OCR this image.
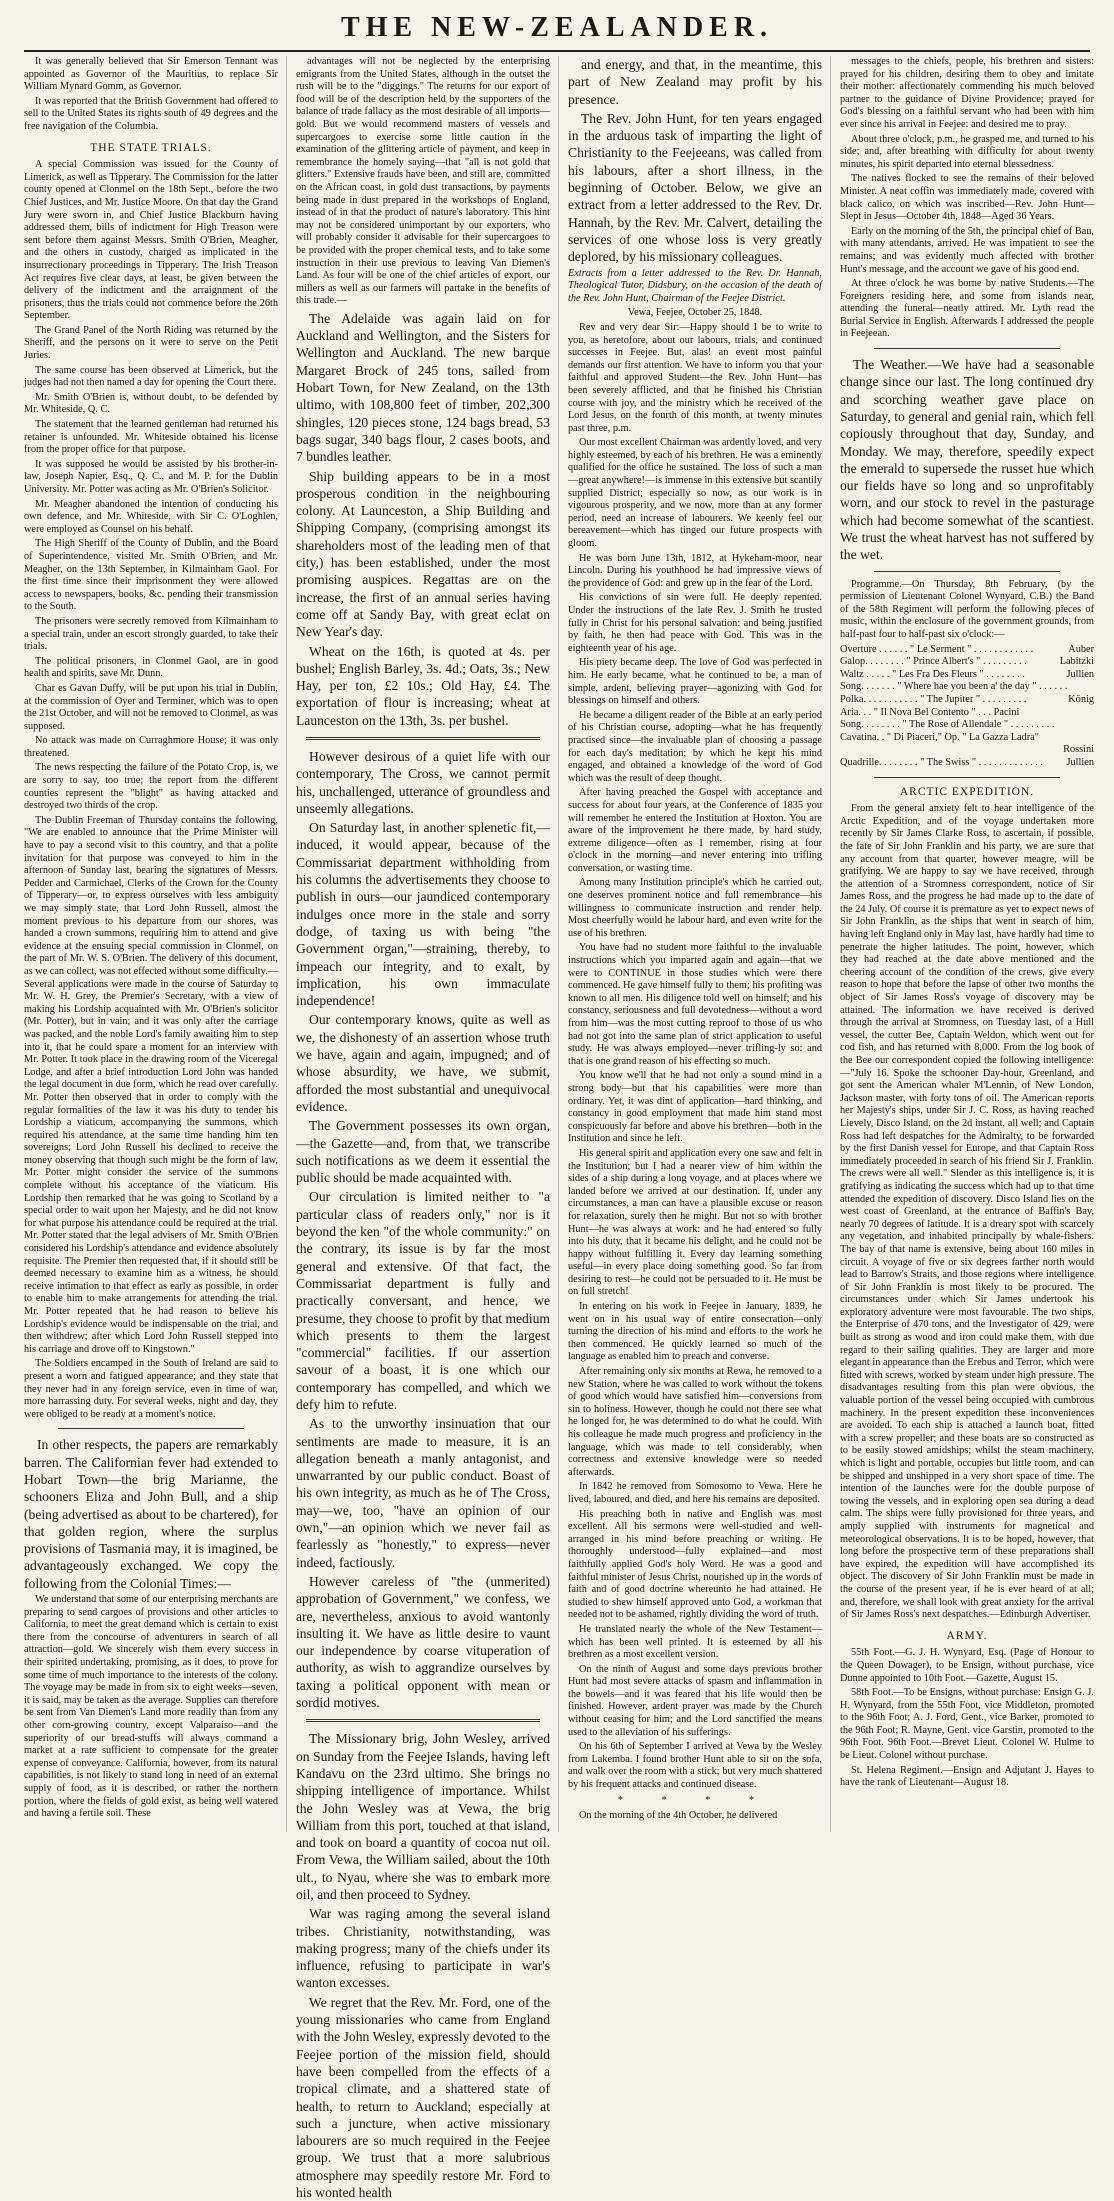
THE NEW-ZEALANDER.

It was generally believed that Sir Emerson Tennant was appointed as Governor of the Mauritius, to replace Sir William Mynard Gomm, as Governor.

It was reported that the British Government had offered to sell to the United States its rights south of 49 degrees and the free navigation of the Columbia.

THE STATE TRIALS.

A special Commission was issued for the County of Limerick, as well as Tipperary. The Commission for the latter county opened at Clonmel on the 18th Sept., before the two Chief Justices, and Mr. Justice Moore. On that day the Grand Jury were sworn in, and Chief Justice Blackburn having addressed them, bills of indictment for High Treason were sent before them against Messrs. Smith O'Brien, Meagher, and the others in custody, charged as implicated in the insurrectionary proceedings in Tipperary. The Irish Treason Act requires five clear days, at least, be given between the delivery of the indictment and the arraignment of the prisoners, thus the trials could not commence before the 26th September.

The Grand Panel of the North Riding was returned by the Sheriff, and the persons on it were to serve on the Petit Juries.

The same course has been observed at Limerick, but the judges had not then named a day for opening the Court there.

Mr. Smith O'Brien is, without doubt, to be defended by Mr. Whiteside, Q. C.

The statement that the learned gentleman had returned his retainer is unfounded. Mr. Whiteside obtained his license from the proper office for that purpose.

It was supposed he would be assisted by his brother-in-law, Joseph Napier, Esq., Q. C., and M. P. for the Dublin University. Mr. Potter was acting as Mr. O'Brien's Solicitor.

Mr. Meagher abandoned the intention of conducting his own defence, and Mr. Whiteside, with Sir C. O'Loghlen, were employed as Counsel on his behalf.

The High Sheriff of the County of Dublin, and the Board of Superintendence, visited Mr. Smith O'Brien, and Mr. Meagher, on the 13th September, in Kilmainham Gaol. For the first time since their imprisonment they were allowed access to newspapers, books, &c. pending their transmission to the South.

The prisoners were secretly removed from Kilmainham to a special train, under an escort strongly guarded, to take their trials.

The political prisoners, in Clonmel Gaol, are in good health and spirits, save Mr. Dunn.

Char es Gavan Duffy, will be put upon his trial in Dublin, at the commission of Oyer and Terminer, which was to open the 21st October, and will not be removed to Clonmel, as was supposed.

No attack was made on Curraghmore House; it was only threatened.

The news respecting the failure of the Potato Crop, is, we are sorry to say, too true; the report from the different counties represent the "blight" as having attacked and destroyed two thirds of the crop.

The Dublin Freeman of Thursday contains the following, "We are enabled to announce that the Prime Minister will have to pay a second visit to this country, and that a polite invitation for that purpose was conveyed to him in the afternoon of Sunday last, bearing the signatures of Messrs. Pedder and Carmichael, Clerks of the Crown for the County of Tipperary—or, to express ourselves with less ambiguity we may simply state, that Lord John Russell, almost the moment previous to his departure from our shores, was handed a crown summons, requiring him to attend and give evidence at the ensuing special commission in Clonmel, on the part of Mr. W. S. O'Brien. The delivery of this document, as we can collect, was not effected without some difficulty.—Several applications were made in the course of Saturday to Mr. W. H. Grey, the Premier's Secretary, with a view of making his Lordship acquainted with Mr. O'Brien's solicitor (Mr. Potter), but in vain; and it was only after the carriage was packed, and the noble Lord's family awaiting him to step into it, that he could spare a moment for an interview with Mr. Potter. It took place in the drawing room of the Viceregal Lodge, and after a brief introduction Lord John was handed the legal document in due form, which he read over carefully. Mr. Potter then observed that in order to comply with the regular formalities of the law it was his duty to tender his Lordship a viaticum, accompanying the summons, which required his attendance, at the same time handing him ten sovereigns; Lord John Russell his declined to receive the money observing that though such might be the form of law, Mr. Potter might consider the service of the summons complete without his acceptance of the viaticum. His Lordship then remarked that he was going to Scotland by a special order to wait upon her Majesty, and he did not know for what purpose his attendance could be required at the trial. Mr. Potter stated that the legal advisers of Mr. Smith O'Brien considered his Lordship's attendance and evidence absolutely requisite. The Premier then requested that, if it should still be deemed necessary to examine him as a witness, he should receive intimation to that effect as early as possible, in order to enable him to make arrangements for attending the trial. Mr. Potter repeated that he had reason to believe his Lordship's evidence would be indispensable on the trial, and then withdrew; after which Lord John Russell stepped into his carriage and drove off to Kingstown."

The Soldiers encamped in the South of Ireland are said to present a worn and fatigued appearance; and they state that they never had in any foreign service, even in time of war, more harrassing duty. For several weeks, night and day, they were obliged to be ready at a moment's notice.

In other respects, the papers are remarkably barren. The Californian fever had extended to Hobart Town—the brig Marianne, the schooners Eliza and John Bull, and a ship (being advertised as about to be chartered), for that golden region, where the surplus provisions of Tasmania may, it is imagined, be advantageously exchanged. We copy the following from the Colonial Times:—

We understand that some of our enterprising merchants are preparing to send cargoes of provisions and other articles to California, to meet the great demand which is certain to exist there from the concourse of adventurers in search of all attraction—gold. We sincerely wish them every success in their spirited undertaking, promising, as it does, to prove for some time of much importance to the interests of the colony. The voyage may be made in from six to eight weeks—seven, it is said, may be taken as the average. Supplies can therefore be sent from Van Diemen's Land more readily than from any other corn-growing country, except Valparaiso—and the superiority of our bread-stuffs will always command a market at a rate sufficient to compensate for the greater expense of conveyance. California, however, from its natural capabilities, is not likely to stand long in need of an external supply of food, as it is described, or rather the northern portion, where the fields of gold exist, as being well watered and having a fertile soil. These

advantages will not be neglected by the enterprising emigrants from the United States, although in the outset the rush will be to the "diggings." The returns for our export of food will be of the description held by the supporters of the balance of trade fallacy as the most desirable of all imports—gold. But we would recommend masters of vessels and supercargoes to exercise some little caution in the examination of the glittering article of payment, and keep in remembrance the homely saying—that "all is not gold that glitters." Extensive frauds have been, and still are, committed on the African coast, in gold dust transactions, by payments being made in dust prepared in the workshops of England, instead of in that the product of nature's laboratory. This hint may not be considered unimportant by our exporters, who will probably consider it advisable for their supercargoes to be provided with the proper chemical tests, and to take some instruction in their use previous to leaving Van Diemen's Land. As four will be one of the chief articles of export, our millers as well as our farmers will partake in the benefits of this trade.—

The Adelaide was again laid on for Auckland and Wellington, and the Sisters for Wellington and Auckland. The new barque Margaret Brock of 245 tons, sailed from Hobart Town, for New Zealand, on the 13th ultimo, with 108,800 feet of timber, 202,300 shingles, 120 pieces stone, 124 bags bread, 53 bags sugar, 340 bags flour, 2 cases boots, and 7 bundles leather.

Ship building appears to be in a most prosperous condition in the neighbouring colony. At Launceston, a Ship Building and Shipping Company, (comprising amongst its shareholders most of the leading men of that city,) has been established, under the most promising auspices. Regattas are on the increase, the first of an annual series having come off at Sandy Bay, with great eclat on New Year's day.

Wheat on the 16th, is quoted at 4s. per bushel; English Barley, 3s. 4d.; Oats, 3s.; New Hay, per ton, £2 10s.; Old Hay, £4. The exportation of flour is increasing; wheat at Launceston on the 13th, 3s. per bushel.

However desirous of a quiet life with our contemporary, The Cross, we cannot permit his, unchallenged, utterance of groundless and unseemly allegations.

On Saturday last, in another splenetic fit,—induced, it would appear, because of the Commissariat department withholding from his columns the advertisements they choose to publish in ours—our jaundiced contemporary indulges once more in the stale and sorry dodge, of taxing us with being "the Government organ,"—straining, thereby, to impeach our integrity, and to exalt, by implication, his own immaculate independence!

Our contemporary knows, quite as well as we, the dishonesty of an assertion whose truth we have, again and again, impugned; and of whose absurdity, we have, we submit, afforded the most substantial and unequivocal evidence.

The Government possesses its own organ,—the Gazette—and, from that, we transcribe such notifications as we deem it essential the public should be made acquainted with.

Our circulation is limited neither to "a particular class of readers only," nor is it beyond the ken "of the whole community:" on the contrary, its issue is by far the most general and extensive. Of that fact, the Commissariat department is fully and practically conversant, and hence, we presume, they choose to profit by that medium which presents to them the largest "commercial" facilities. If our assertion savour of a boast, it is one which our contemporary has compelled, and which we defy him to refute.

As to the unworthy insinuation that our sentiments are made to measure, it is an allegation beneath a manly antagonist, and unwarranted by our public conduct. Boast of his own integrity, as much as he of The Cross, may—we, too, "have an opinion of our own,"—an opinion which we never fail as fearlessly as "honestly," to express—never indeed, factiously.

However careless of "the (unmerited) approbation of Government," we confess, we are, nevertheless, anxious to avoid wantonly insulting it. We have as little desire to vaunt our independence by coarse vituperation of authority, as wish to aggrandize ourselves by taxing a political opponent with mean or sordid motives.

The Missionary brig, John Wesley, arrived on Sunday from the Feejee Islands, having left Kandavu on the 23rd ultimo. She brings no shipping intelligence of importance. Whilst the John Wesley was at Vewa, the brig William from this port, touched at that island, and took on board a quantity of cocoa nut oil. From Vewa, the William sailed, about the 10th ult., to Nyau, where she was to embark more oil, and then proceed to Sydney.

War was raging among the several island tribes. Christianity, notwithstanding, was making progress; many of the chiefs under its influence, refusing to participate in war's wanton excesses.

We regret that the Rev. Mr. Ford, one of the young missionaries who came from England with the John Wesley, expressly devoted to the Feejee portion of the mission field, should have been compelled from the effects of a tropical climate, and a shattered state of health, to return to Auckland; especially at such a juncture, when active missionary labourers are so much required in the Feejee group. We trust that a more salubrious atmosphere may speedily restore Mr. Ford to his wonted health

and energy, and that, in the meantime, this part of New Zealand may profit by his presence.

The Rev. John Hunt, for ten years engaged in the arduous task of imparting the light of Christianity to the Feejeeans, was called from his labours, after a short illness, in the beginning of October. Below, we give an extract from a letter addressed to the Rev. Dr. Hannah, by the Rev. Mr. Calvert, detailing the services of one whose loss is very greatly deplored, by his missionary colleagues.

Extracts from a letter addressed to the Rev. Dr. Hannah, Theological Tutor, Didsbury, on the occasion of the death of the Rev. John Hunt, Chairman of the Feejee District.

Vewa, Feejee, October 25, 1848.

Rev and very dear Sir:—Happy should I be to write to you, as heretofore, about our labours, trials, and continued successes in Feejee. But, alas! an event most painful demands our first attention. We have to inform you that your faithful and approved Student—the Rev. John Hunt—has been severely afflicted, and that he finished his Christian course with joy, and the ministry which he received of the Lord Jesus, on the fourth of this month, at twenty minutes past three, p.m.

Our most excellent Chairman was ardently loved, and very highly esteemed, by each of his brethren. He was a eminently qualified for the office he sustained. The loss of such a man—great anywhere!—is immense in this extensive but scantily supplied District; especially so now, as our work is in vigourous prosperity, and we now, more than at any former period, need an increase of labourers. We keenly feel our bereavement—which has tinged our future prospects with gloom.

He was born June 13th, 1812, at Hykeham-moor, near Lincoln. During his youthhood he had impressive views of the providence of God: and grew up in the fear of the Lord.

His convictions of sin were full. He deeply repented. Under the instructions of the late Rev. J. Smith he trusted fully in Christ for his personal salvation: and being justified by faith, he then had peace with God. This was in the eighteenth year of his age.

His piety became deep. The love of God was perfected in him. He early became, what he continued to be, a man of simple, ardent, believing prayer—agonizing with God for blessings on himself and others.

He became a diligent reader of the Bible at an early period of his Christian course, adopting—what he has frequently practised since—the invaluable plan of choosing a passage for each day's meditation; by which he kept his mind engaged, and obtained a knowledge of the word of God which was the result of deep thought.

After having preached the Gospel with acceptance and success for about four years, at the Conference of 1835 you will remember he entered the Institution at Hoxton. You are aware of the improvement he there made, by hard study, extreme diligence—often as I remember, rising at four o'clock in the morning—and never entering into trifling conversation, or wasting time.

Among many Institution principle's which he carried out, one deserves prominent notice and full remembrance—his willingness to communicate instruction and render help. Most cheerfully would he labour hard, and even write for the use of his brethren.

You have had no student more faithful to the invaluable instructions which you imparted again and again—that we were to CONTINUE in those studies which were there commenced. He gave himself fully to them; his profiting was known to all men. His diligence told well on himself; and his constancy, seriousness and full devotedness—without a word from him—was the most cutting reproof to those of us who had not got into the same plan of strict application to useful study. He was always employed—never trifling-ly so: and that is one grand reason of his effecting so much.

You know we'll that he had not only a sound mind in a strong body—but that his capabilities were more than ordinary. Yet, it was dint of application—hard thinking, and constancy in good employment that made him stand most conspicuously far before and above his brethren—both in the Institution and since he left.

His general spirit and application every one saw and felt in the Institution; but I had a nearer view of him within the sides of a ship during a long voyage, and at places where we landed before we arrived at our destination. If, under any circumstances, a man can have a plausible excuse or reason for relaxation, surely then he might. But not so with brother Hunt—he was always at work: and he had entered so fully into his duty, that it became his delight, and he could not be happy without fulfilling it. Every day learning something useful—in every place doing something good. So far from desiring to rest—he could not be persuaded to it. He must be on full stretch!

In entering on his work in Feejee in January, 1839, he went on in his usual way of entire consecration—only turning the direction of his mind and efforts to the work he then commenced. He quickly learned so much of the language as enabled him to preach and converse.

After remaining only six months at Rewa, he removed to a new Station, where he was called to work without the tokens of good which would have satisfied him—conversions from sin to holiness. However, though he could not there see what he longed for, he was determined to do what he could. With his colleague he made much progress and proficiency in the language, which was made to tell considerably, when correctness and extensive knowledge were so needed afterwards.

In 1842 he removed from Somosomo to Vewa. Here he lived, laboured, and died, and here his remains are deposited.

His preaching both in native and English was most excellent. All his sermons were well-studied and well-arranged in his mind before preaching or writing. He thoroughly understood—fully explained—and most faithfully applied God's holy Word. He was a good and faithful minister of Jesus Christ, nourished up in the words of faith and of good doctrine whereunto he had attained. He studied to shew himself approved unto God, a workman that needed not to be ashamed, rightly dividing the word of truth.

He translated nearly the whole of the New Testament—which has been well printed. It is esteemed by all his brethren as a most excellent version.

On the ninth of August and some days previous brother Hunt had most severe attacks of spasm and inflammation in the bowels—and it was feared that his life would then be finished. However, ardent prayer was made by the Church without ceasing for him; and the Lord sanctified the means used to the alleviation of his sufferings.

On his 6th of September I arrived at Vewa by the Wesley from Lakemba. I found brother Hunt able to sit on the sofa, and walk over the room with a stick; but very much shattered by his frequent attacks and continued disease.

* * * *

On the morning of the 4th October, he delivered

messages to the chiefs, people, his brethren and sisters: prayed for his children, desiring them to obey and imitate their mother: affectionately commending his much beloved partner to the guidance of Divine Providence; prayed for God's blessing on a faithful servant who had been with him ever since his arrival in Feejee: and desired me to pray.

About three o'clock, p.m., he grasped me, and turned to his side; and, after breathing with difficulty for about twenty minutes, his spirit departed into eternal blessedness.

The natives flocked to see the remains of their beloved Minister. A neat coffin was immediately made, covered with black calico, on which was inscribed—Rev. John Hunt—Slept in Jesus—October 4th, 1848—Aged 36 Years.

Early on the morning of the 5th, the principal chief of Bau, with many attendants, arrived. He was impatient to see the remains; and was evidently much affected with brother Hunt's message, and the account we gave of his good end.

At three o'clock he was borne by native Students.—The Foreigners residing here, and some from islands near, attending the funeral—neatly attired. Mr. Lyth read the Burial Service in English. Afterwards I addressed the people in Feejeean.

The Weather.—We have had a seasonable change since our last. The long continued dry and scorching weather gave place on Saturday, to general and genial rain, which fell copiously throughout that day, Sunday, and Monday. We may, therefore, speedily expect the emerald to supersede the russet hue which our fields have so long and so unprofitably worn, and our stock to revel in the pasturage which had become somewhat of the scantiest. We trust the wheat harvest has not suffered by the wet.

Programme.—On Thursday, 8th February, (by the permission of Lieutenant Colonel Wynyard, C.B.) the Band of the 58th Regiment will perform the following pieces of music, within the enclosure of the government grounds, from half-past four to half-past six o'clock:—

Overture . . . . . . " Le Serment " . . . . . . . . . . . .	Auber
Galop. . . . . . . . " Prince Albert's " . . . . . . . . .	Labitzki
Waltz . . . . . " Les Fra Des Fleurs " . . . . . . . .	Jullien
Song. . . . . . . " Where hae you been a' the day " . . . . . .
Polka. . . . . . . . . . . " The Jupiter " . . . . . . . . .	König
Aria. . . " Il Nova Bel Contento " . . . Pacini
Song. . . . . . . . " The Rose of Allendale " . . . . . . . . .
Cavatina. . " Di Piaceri," Op. " La Gazza Ladra"
Rossini
Quadrille. . . . . . . . " The Swiss " . . . . . . . . . . . . .	Jullien
ARCTIC EXPEDITION.

From the general anxiety felt to hear intelligence of the Arctic Expedition, and of the voyage undertaken more recently by Sir James Clarke Ross, to ascertain, if possible, the fate of Sir John Franklin and his party, we are sure that any account from that quarter, however meagre, will be gratifying. We are happy to say we have received, through the attention of a Stromness correspondent, notice of Sir James Ross, and the progress he had made up to the date of the 24 July. Of course it is premature as yet to expect news of Sir John Franklin, as the ships that went in search of him, having left England only in May last, have hardly had time to penetrate the higher latitudes. The point, however, which they had reached at the date above mentioned and the cheering account of the condition of the crews, give every reason to hope that before the lapse of other two months the object of Sir James Ross's voyage of discovery may be attained. The information we have received is derived through the arrival at Stromness, on Tuesday last, of a Hull vessel, the cutter Bee, Captain Weldon, which went out for cod fish, and has returned with 8,000. From the log book of the Bee our correspondent copied the following intelligence:—"July 16. Spoke the schooner Day-hour, Greenland, and got sent the American whaler M'Lennin, of New London, Jackson master, with forty tons of oil. The American reports her Majesty's ships, under Sir J. C. Ross, as having reached Lievely, Disco Island, on the 2d instant, all well; and Captain Ross had left despatches for the Admiralty, to be forwarded by the first Danish vessel for Europe, and that Captain Ross immediately proceeded in search of his friend Sir J. Franklin. The crews were all well." Slender as this intelligence is, it is gratifying as indicating the success which had up to that time attended the expedition of discovery. Disco Island lies on the west coast of Greenland, at the entrance of Baffin's Bay, nearly 70 degrees of latitude. It is a dreary spot with scarcely any vegetation, and inhabited principally by whale-fishers. The bay of that name is extensive, being about 160 miles in circuit. A voyage of five or six degrees farther north would lead to Barrow's Straits, and those regions where intelligence of Sir John Franklin is most likely to be procured. The circumstances under which Sir James undertook his exploratory adventure were most favourable. The two ships, the Enterprise of 470 tons, and the Investigator of 429, were built as strong as wood and iron could make them, with due regard to their sailing qualities. They are larger and more elegant in appearance than the Erebus and Terror, which were fitted with screws, worked by steam under high pressure. The disadvantages resulting from this plan were obvious, the valuable portion of the vessel being occupied with cumbrous machinery. In the present expedition these inconveniences are avoided. To each ship is attached a launch boat, fitted with a screw propeller; and these boats are so constructed as to be easily stowed amidships; whilst the steam machinery, which is light and portable, occupies but little room, and can be shipped and unshipped in a very short space of time. The intention of the launches were for the double purpose of towing the vessels, and in exploring open sea during a dead calm. The ships were fully provisioned for three years, and amply supplied with instruments for magnetical and meteorological observations. It is to be hoped, however, that long before the prospective term of these preparations shall have expired, the expedition will have accomplished its object. The discovery of Sir John Franklin must be made in the course of the present year, if he is ever heard of at all; and, therefore, we shall look with great anxiety for the arrival of Sir James Ross's next despatches.—Edinburgh Advertiser.

ARMY.

55th Foot.—G. J. H. Wynyard, Esq. (Page of Honour to the Queen Dowager), to be Ensign, without purchase, vice Dunne appointed to 10th Foot.—Gazette, August 15.

58th Foot.—To be Ensigns, without purchase: Ensign G. J. H. Wynyard, from the 55th Foot, vice Middleton, promoted to the 96th Foot; A. J. Ford, Gent., vice Barker, promoted to the 96th Foot; R. Mayne, Gent. vice Garstin, promoted to the 96th Foot. 96th Foot.—Brevet Lieut. Colonel W. Hulme to be Lieut. Colonel without purchase.

St. Helena Regiment.—Ensign and Adjutant J. Hayes to have the rank of Lieutenant—August 18.
